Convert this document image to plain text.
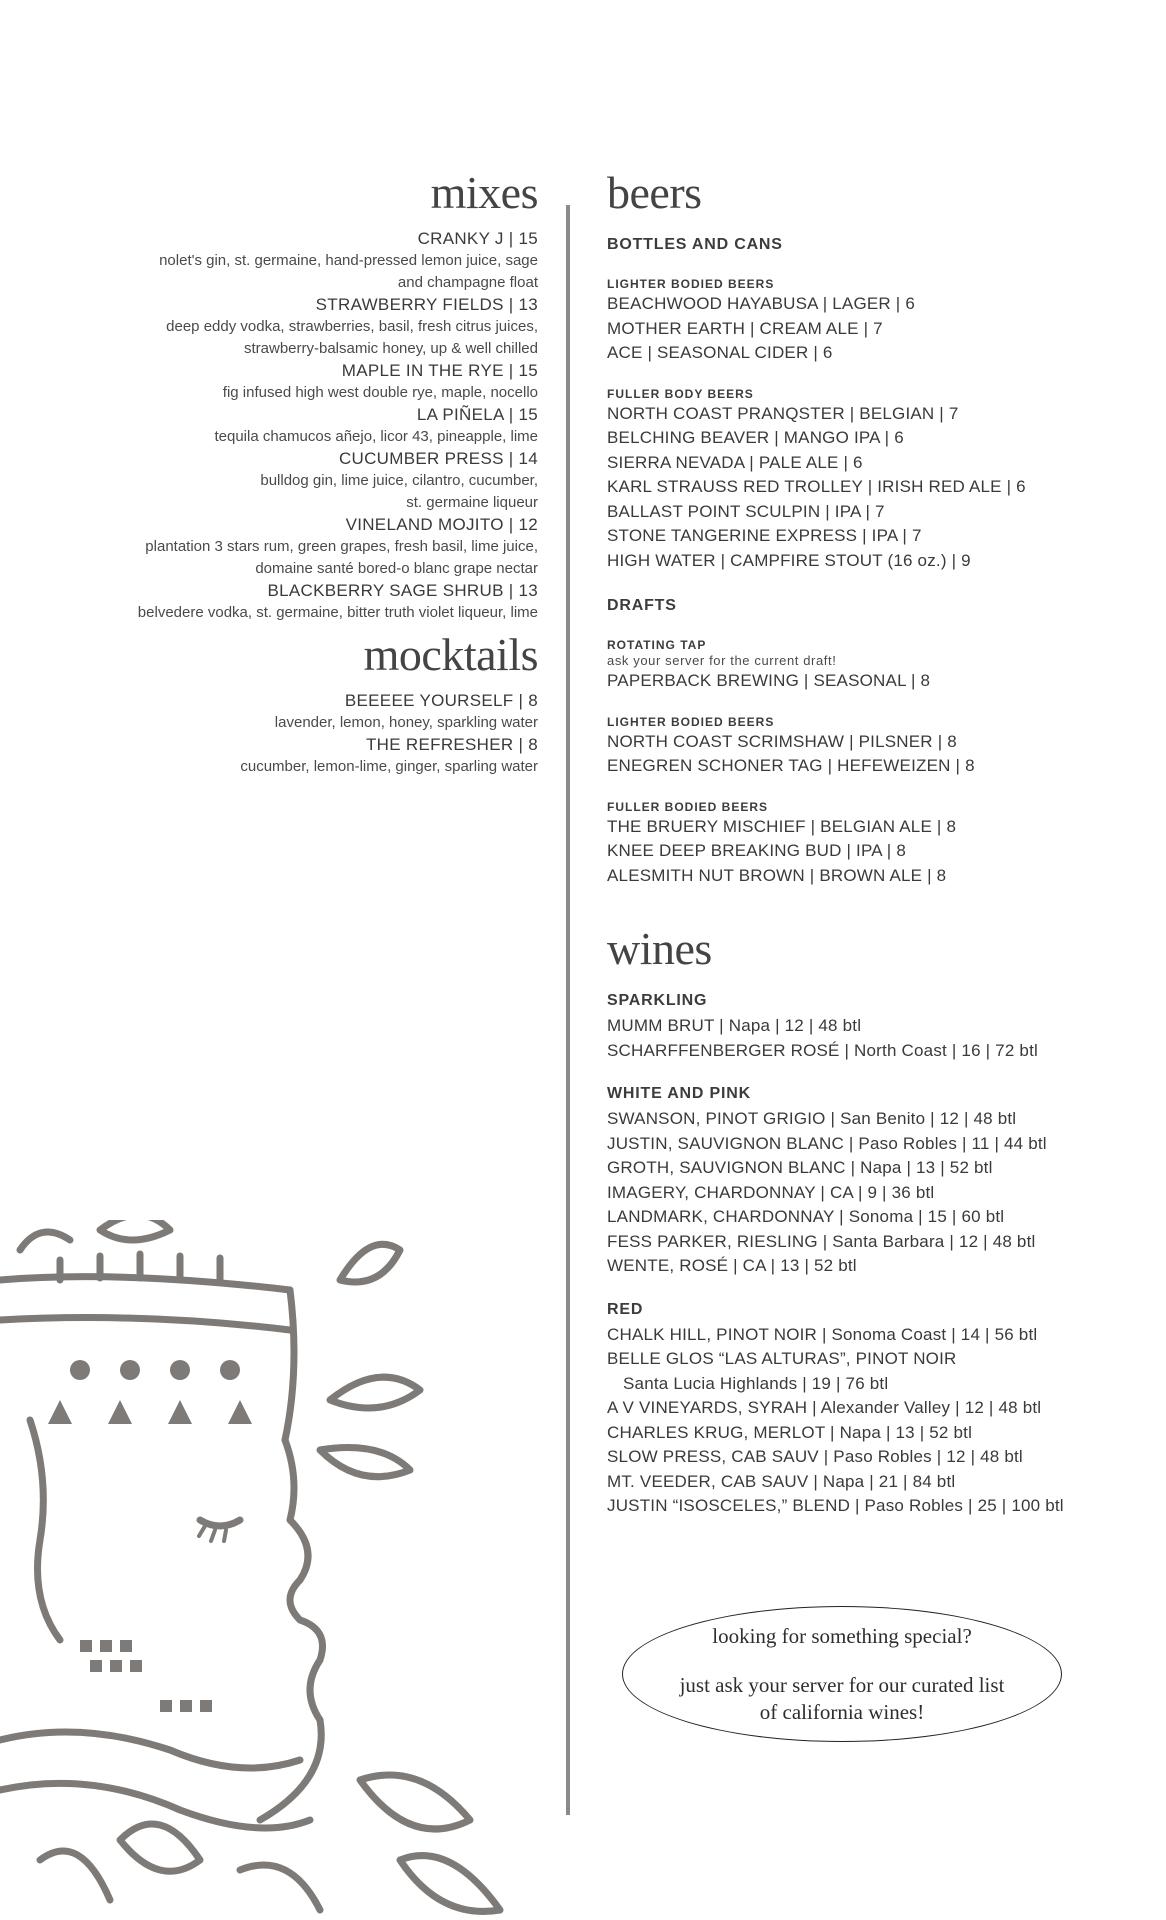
mixes
CRANKY J | 15
nolet's gin, st. germaine, hand-pressed lemon juice, sage
and champagne float
STRAWBERRY FIELDS | 13
deep eddy vodka, strawberries, basil, fresh citrus juices,
strawberry-balsamic honey, up & well chilled
MAPLE IN THE RYE | 15
fig infused high west double rye, maple, nocello
LA PIÑELA | 15
tequila chamucos añejo, licor 43, pineapple, lime
CUCUMBER PRESS | 14
bulldog gin, lime juice, cilantro, cucumber,
st. germaine liqueur
VINELAND MOJITO | 12
plantation 3 stars rum, green grapes, fresh basil, lime juice,
domaine santé bored-o blanc grape nectar
BLACKBERRY SAGE SHRUB | 13
belvedere vodka, st. germaine, bitter truth violet liqueur, lime
mocktails
BEEEEE YOURSELF | 8
lavender, lemon, honey, sparkling water
THE REFRESHER | 8
cucumber, lemon-lime, ginger, sparling water
beers
BOTTLES AND CANS
LIGHTER BODIED BEERS
BEACHWOOD HAYABUSA | LAGER | 6
MOTHER EARTH | CREAM ALE | 7
ACE | SEASONAL CIDER | 6
FULLER BODY BEERS
NORTH COAST PRANQSTER | BELGIAN | 7
BELCHING BEAVER | MANGO IPA | 6
SIERRA NEVADA | PALE ALE | 6
KARL STRAUSS RED TROLLEY | IRISH RED ALE | 6
BALLAST POINT SCULPIN | IPA | 7
STONE TANGERINE EXPRESS | IPA | 7
HIGH WATER | CAMPFIRE STOUT (16 oz.) | 9
DRAFTS
ROTATING TAP
ask your server for the current draft!
PAPERBACK BREWING | SEASONAL | 8
LIGHTER BODIED BEERS
NORTH COAST SCRIMSHAW | PILSNER | 8
ENEGREN SCHONER TAG | HEFEWEIZEN | 8
FULLER BODIED BEERS
THE BRUERY MISCHIEF | BELGIAN ALE | 8
KNEE DEEP BREAKING BUD | IPA | 8
ALESMITH NUT BROWN | BROWN ALE | 8
wines
SPARKLING
MUMM BRUT | Napa | 12 | 48 btl
SCHARFFENBERGER ROSÉ | North Coast | 16 | 72 btl
WHITE AND PINK
SWANSON, PINOT GRIGIO | San Benito | 12 | 48 btl
JUSTIN, SAUVIGNON BLANC | Paso Robles | 11 | 44 btl
GROTH, SAUVIGNON BLANC | Napa | 13 | 52 btl
IMAGERY, CHARDONNAY | CA | 9 | 36 btl
LANDMARK, CHARDONNAY | Sonoma | 15 | 60 btl
FESS PARKER, RIESLING | Santa Barbara | 12 | 48 btl
WENTE, ROSÉ | CA | 13 | 52 btl
RED
CHALK HILL, PINOT NOIR | Sonoma Coast | 14 | 56 btl
BELLE GLOS “LAS ALTURAS”, PINOT NOIR
Santa Lucia Highlands | 19 | 76 btl
A V VINEYARDS, SYRAH | Alexander Valley | 12 | 48 btl
CHARLES KRUG, MERLOT | Napa | 13 | 52 btl
SLOW PRESS, CAB SAUV | Paso Robles | 12 | 48 btl
MT. VEEDER, CAB SAUV | Napa | 21 | 84 btl
JUSTIN “ISOSCELES,” BLEND | Paso Robles | 25 | 100 btl
looking for something special?
just ask your server for our curated list
of california wines!
